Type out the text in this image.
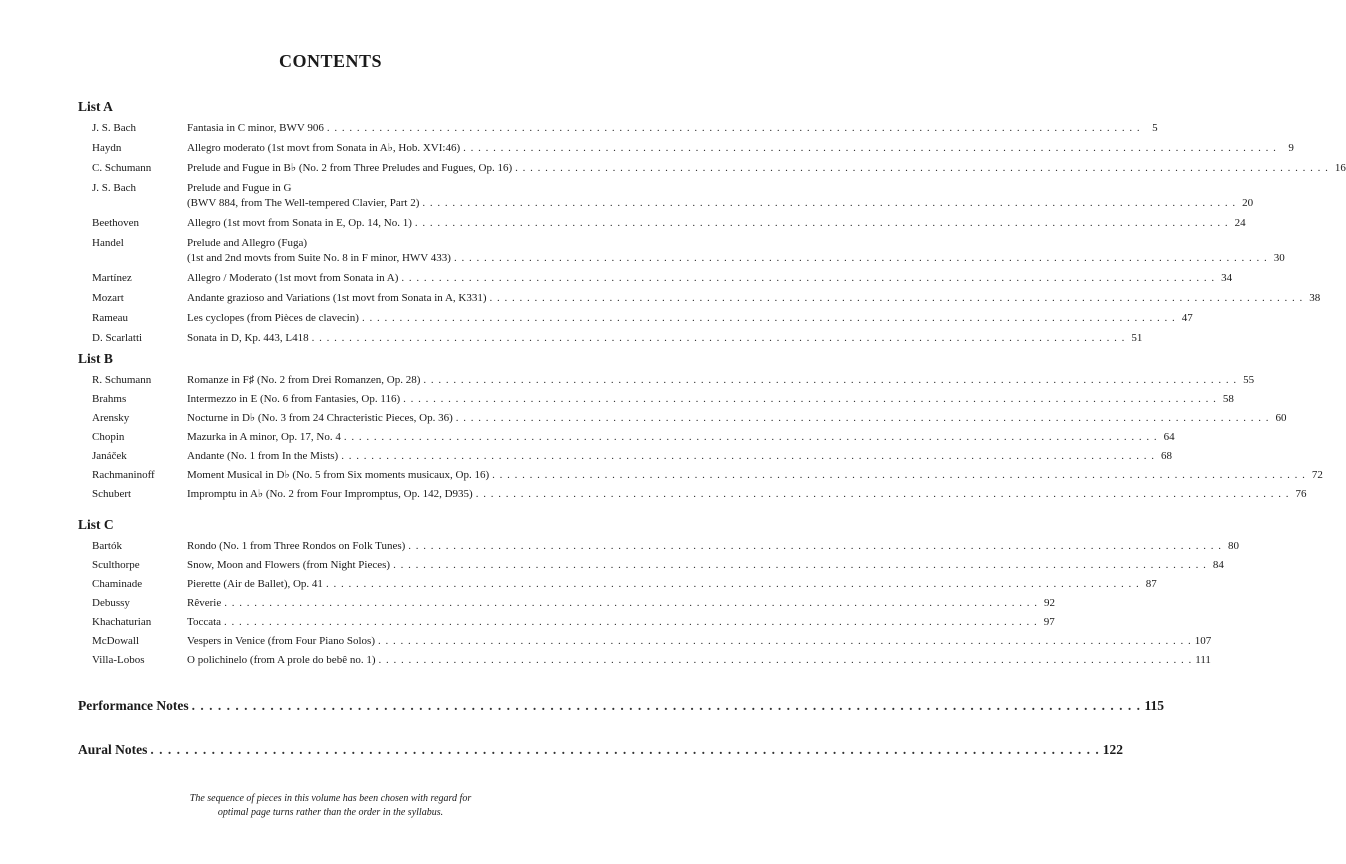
CONTENTS
List A
J. S. Bach	Fantasia in C minor, BWV 906 . . .	5
Haydn	Allegro moderato (1st movt from Sonata in A♭, Hob. XVI:46) . . .	9
C. Schumann	Prelude and Fugue in B♭ (No. 2 from Three Preludes and Fugues, Op. 16) . . .	16
J. S. Bach	Prelude and Fugue in G
(BWV 884, from The Well-tempered Clavier, Part 2) . . .	20
Beethoven	Allegro (1st movt from Sonata in E, Op. 14, No. 1) . . .	24
Handel	Prelude and Allegro (Fuga)
(1st and 2nd movts from Suite No. 8 in F minor, HWV 433) . . .	30
Martínez	Allegro / Moderato (1st movt from Sonata in A) . . .	34
Mozart	Andante grazioso and Variations (1st movt from Sonata in A, K331) . . .	38
Rameau	Les cyclopes (from Pièces de clavecin) . . .	47
D. Scarlatti	Sonata in D, Kp. 443, L418 . . .	51
List B
R. Schumann	Romanze in F♯ (No. 2 from Drei Romanzen, Op. 28) . . .	55
Brahms	Intermezzo in E (No. 6 from Fantasies, Op. 116) . . .	58
Arensky	Nocturne in D♭ (No. 3 from 24 Chracteristic Pieces, Op. 36) . . .	60
Chopin	Mazurka in A minor, Op. 17, No. 4 . . .	64
Janáček	Andante (No. 1 from In the Mists) . . .	68
Rachmaninoff	Moment Musical in D♭ (No. 5 from Six moments musicaux, Op. 16) . . .	72
Schubert	Impromptu in A♭ (No. 2 from Four Impromptus, Op. 142, D935) . . .	76
List C
Bartók	Rondo (No. 1 from Three Rondos on Folk Tunes) . . .	80
Sculthorpe	Snow, Moon and Flowers (from Night Pieces) . . .	84
Chaminade	Pierette (Air de Ballet), Op. 41 . . .	87
Debussy	Rêverie . . .	92
Khachaturian	Toccata . . .	97
McDowall	Vespers in Venice (from Four Piano Solos) . . .	107
Villa-Lobos	O polichinelo (from A prole do bebê no. 1) . . .	111
Performance Notes . . .	115
Aural Notes . . .	122
The sequence of pieces in this volume has been chosen with regard for
optimal page turns rather than the order in the syllabus.
